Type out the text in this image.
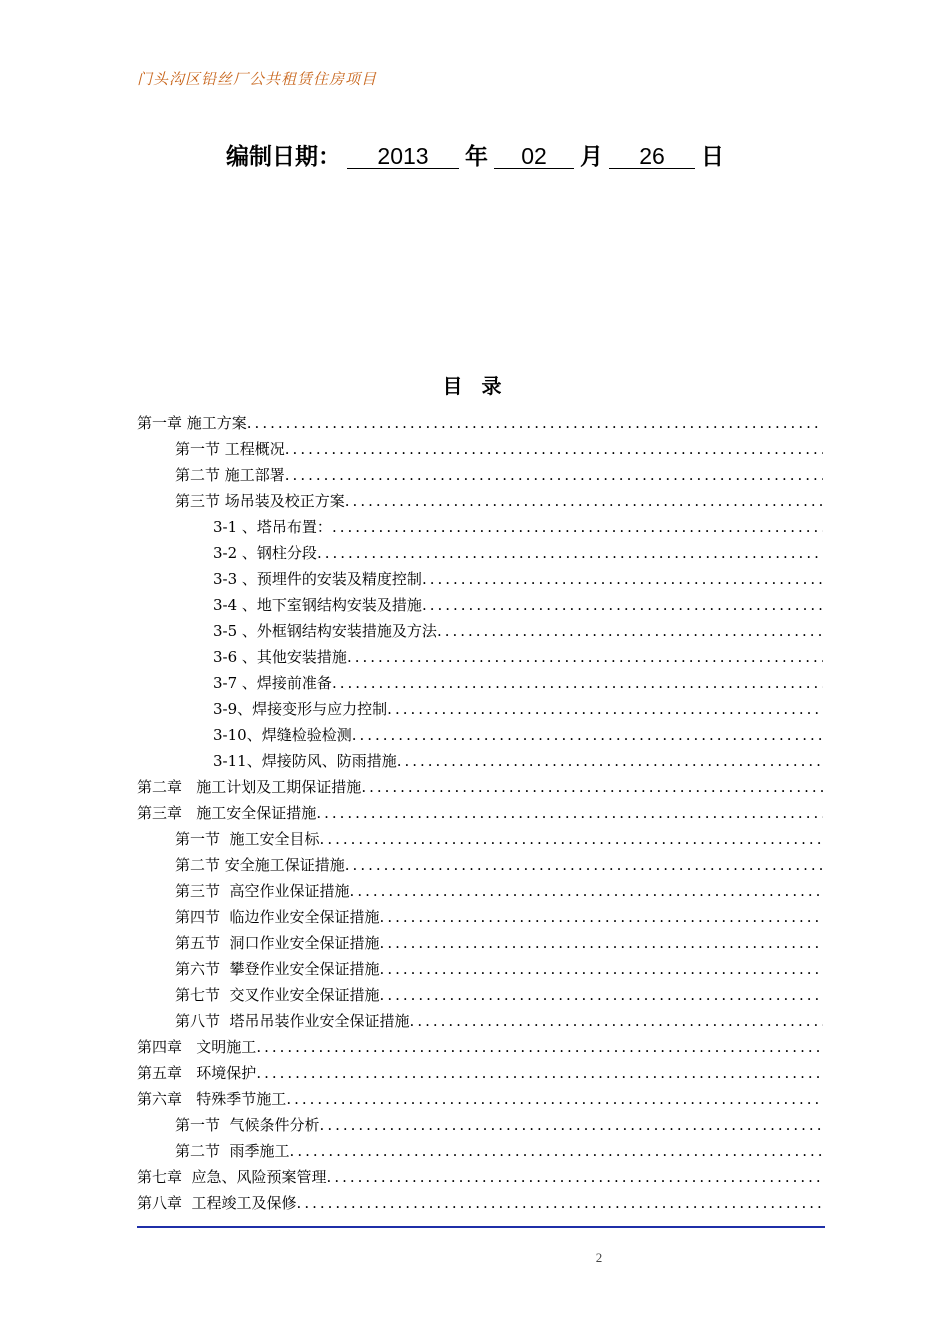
门头沟区铅丝厂公共租赁住房项目
编制日期： 2013 年 02 月 26 日
目 录
第一章 施工方案
.....
第一节 工程概况
.....
第二节 施工部署
.....
第三节 场吊装及校正方案
.....
3-1 、塔吊布置：
.....
3-2 、钢柱分段
.....
3-3 、预埋件的安装及精度控制
.....
3-4 、地下室钢结构安装及措施
.....
3-5 、外框钢结构安装措施及方法
.....
3-6 、其他安装措施
.....
3-7 、焊接前准备
.....
3-9、焊接变形与应力控制
.....
3-10、焊缝检验检测
.....
3-11、焊接防风、防雨措施
.....
第二章   施工计划及工期保证措施
.....
第三章   施工安全保证措施
.....
第一节  施工安全目标
.....
第二节 安全施工保证措施
.....
第三节  高空作业保证措施
.....
第四节  临边作业安全保证措施
.....
第五节  洞口作业安全保证措施
.....
第六节  攀登作业安全保证措施
.....
第七节  交叉作业安全保证措施
.....
第八节  塔吊吊装作业安全保证措施
.....
第四章   文明施工
.....
第五章   环境保护
.....
第六章   特殊季节施工
.....
第一节  气候条件分析
.....
第二节  雨季施工
.....
第七章  应急、风险预案管理
.....
第八章  工程竣工及保修
.....
2
